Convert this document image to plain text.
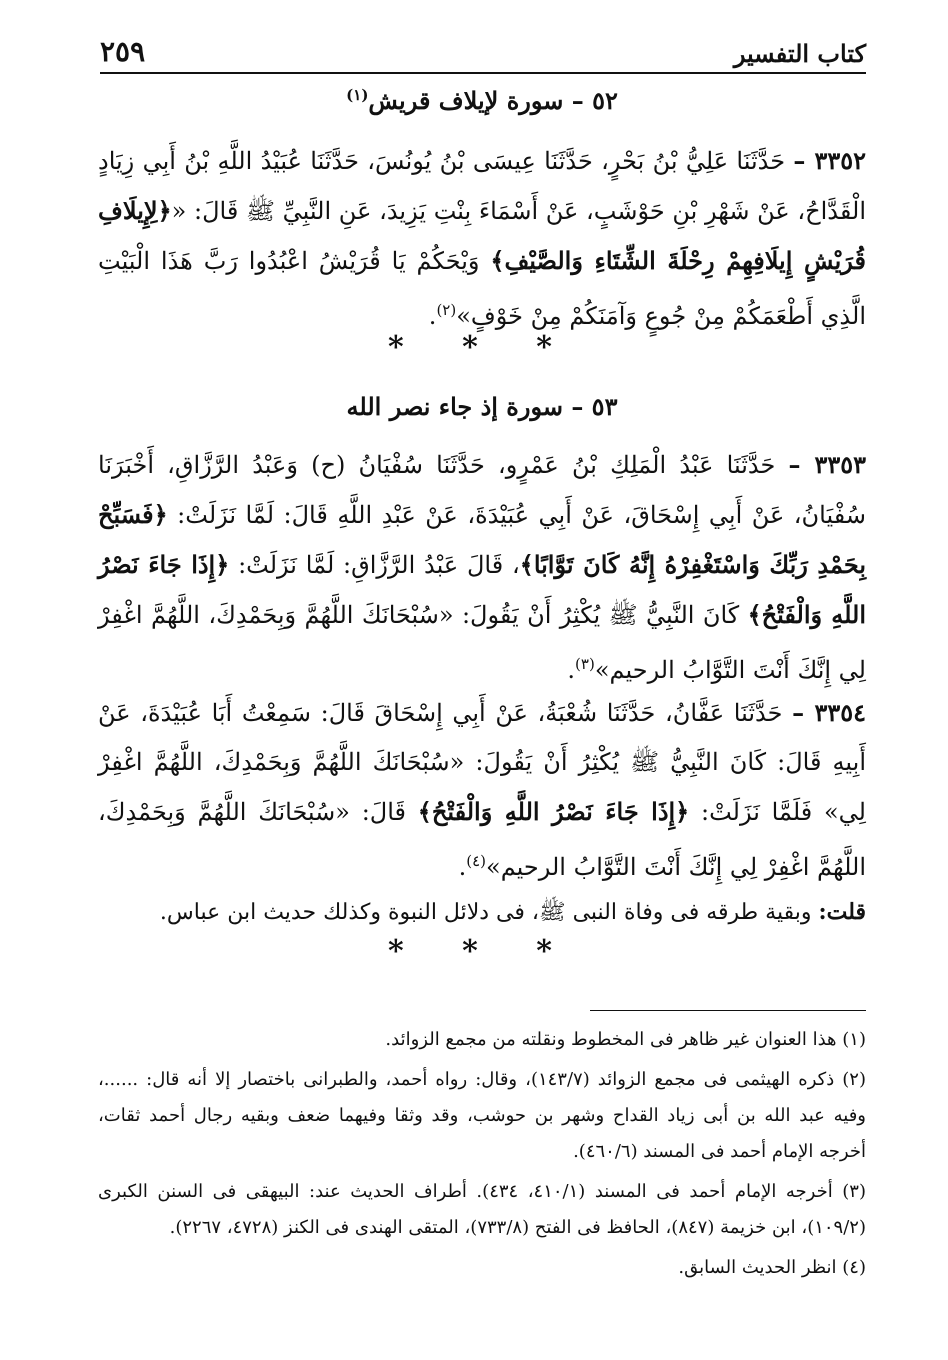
٢٥٩	كتاب التفسير
٥٢ – سورة لإيلاف قريش$^{(١)}$
٣٣٥٢ – حَدَّثَنَا عَلِيُّ بْنُ بَحْرٍ، حَدَّثَنَا عِيسَى بْنُ يُونُسَ، حَدَّثَنَا عُبَيْدُ اللَّهِ بْنُ أَبِي زِيَادٍ الْقَدَّاحُ، عَنْ شَهْرِ بْنِ حَوْشَبٍ، عَنْ أَسْمَاءَ بِنْتِ يَزِيدَ، عَنِ النَّبِيِّ ﷺ قَالَ: «﴿لِإِيلَافِ قُرَيْشٍ إِيلَافِهِمْ رِحْلَةَ الشِّتَاءِ وَالصَّيْفِ﴾ وَيْحَكُمْ يَا قُرَيْشُ اعْبُدُوا رَبَّ هَذَا الْبَيْتِ الَّذِي أَطْعَمَكُمْ مِنْ جُوعٍ وَآمَنَكُمْ مِنْ خَوْفٍ»$^{(٢)}$.
* * *
٥٣ – سورة إذ جاء نصر الله
٣٣٥٣ – حَدَّثَنَا عَبْدُ الْمَلِكِ بْنُ عَمْرٍو، حَدَّثَنَا سُفْيَانُ (ح) وَعَبْدُ الرَّزَّاقِ، أَخْبَرَنَا سُفْيَانُ، عَنْ أَبِي إِسْحَاقَ، عَنْ أَبِي عُبَيْدَةَ، عَنْ عَبْدِ اللَّهِ قَالَ: لَمَّا نَزَلَتْ: ﴿فَسَبِّحْ بِحَمْدِ رَبِّكَ وَاسْتَغْفِرْهُ إِنَّهُ كَانَ تَوَّابًا﴾، قَالَ عَبْدُ الرَّزَّاقِ: لَمَّا نَزَلَتْ: ﴿إِذَا جَاءَ نَصْرُ اللَّهِ وَالْفَتْحُ﴾ كَانَ النَّبِيُّ ﷺ يُكْثِرُ أَنْ يَقُولَ: «سُبْحَانَكَ اللَّهُمَّ وَبِحَمْدِكَ، اللَّهُمَّ اغْفِرْ لِي إِنَّكَ أَنْتَ التَّوَّابُ الرحيم»$^{(٣)}$.
٣٣٥٤ – حَدَّثَنَا عَفَّانُ، حَدَّثَنَا شُعْبَةُ، عَنْ أَبِي إِسْحَاقَ قَالَ: سَمِعْتُ أَبَا عُبَيْدَةَ، عَنْ أَبِيهِ قَالَ: كَانَ النَّبِيُّ ﷺ يُكْثِرُ أَنْ يَقُولَ: «سُبْحَانَكَ اللَّهُمَّ وَبِحَمْدِكَ، اللَّهُمَّ اغْفِرْ لِي» فَلَمَّا نَزَلَتْ: ﴿إِذَا جَاءَ نَصْرُ اللَّهِ وَالْفَتْحُ﴾ قَالَ: «سُبْحَانَكَ اللَّهُمَّ وَبِحَمْدِكَ، اللَّهُمَّ اغْفِرْ لِي إِنَّكَ أَنْتَ التَّوَّابُ الرحيم»$^{(٤)}$.
قلت: وبقية طرقه فى وفاة النبى ﷺ، فى دلائل النبوة وكذلك حديث ابن عباس.
* * *

(١) هذا العنوان غير ظاهر فى المخطوط ونقلته من مجمع الزوائد.

(٢) ذكره الهيثمى فى مجمع الزوائد (١٤٣/٧)، وقال: رواه أحمد، والطبرانى باختصار إلا أنه قال: ......، وفيه عبد الله بن أبى زياد القداح وشهر بن حوشب، وقد وثقا وفيهما ضعف وبقيه رجال أحمد ثقات، أخرجه الإمام أحمد فى المسند (٤٦٠/٦).

(٣) أخرجه الإمام أحمد فى المسند (٤١٠/١، ٤٣٤). أطراف الحديث عند: البيهقى فى السنن الكبرى (١٠٩/٢)، ابن خزيمة (٨٤٧)، الحافظ فى الفتح (٧٣٣/٨)، المتقى الهندى فى الكنز (٤٧٢٨، ٢٢٦٧).

(٤) انظر الحديث السابق.
